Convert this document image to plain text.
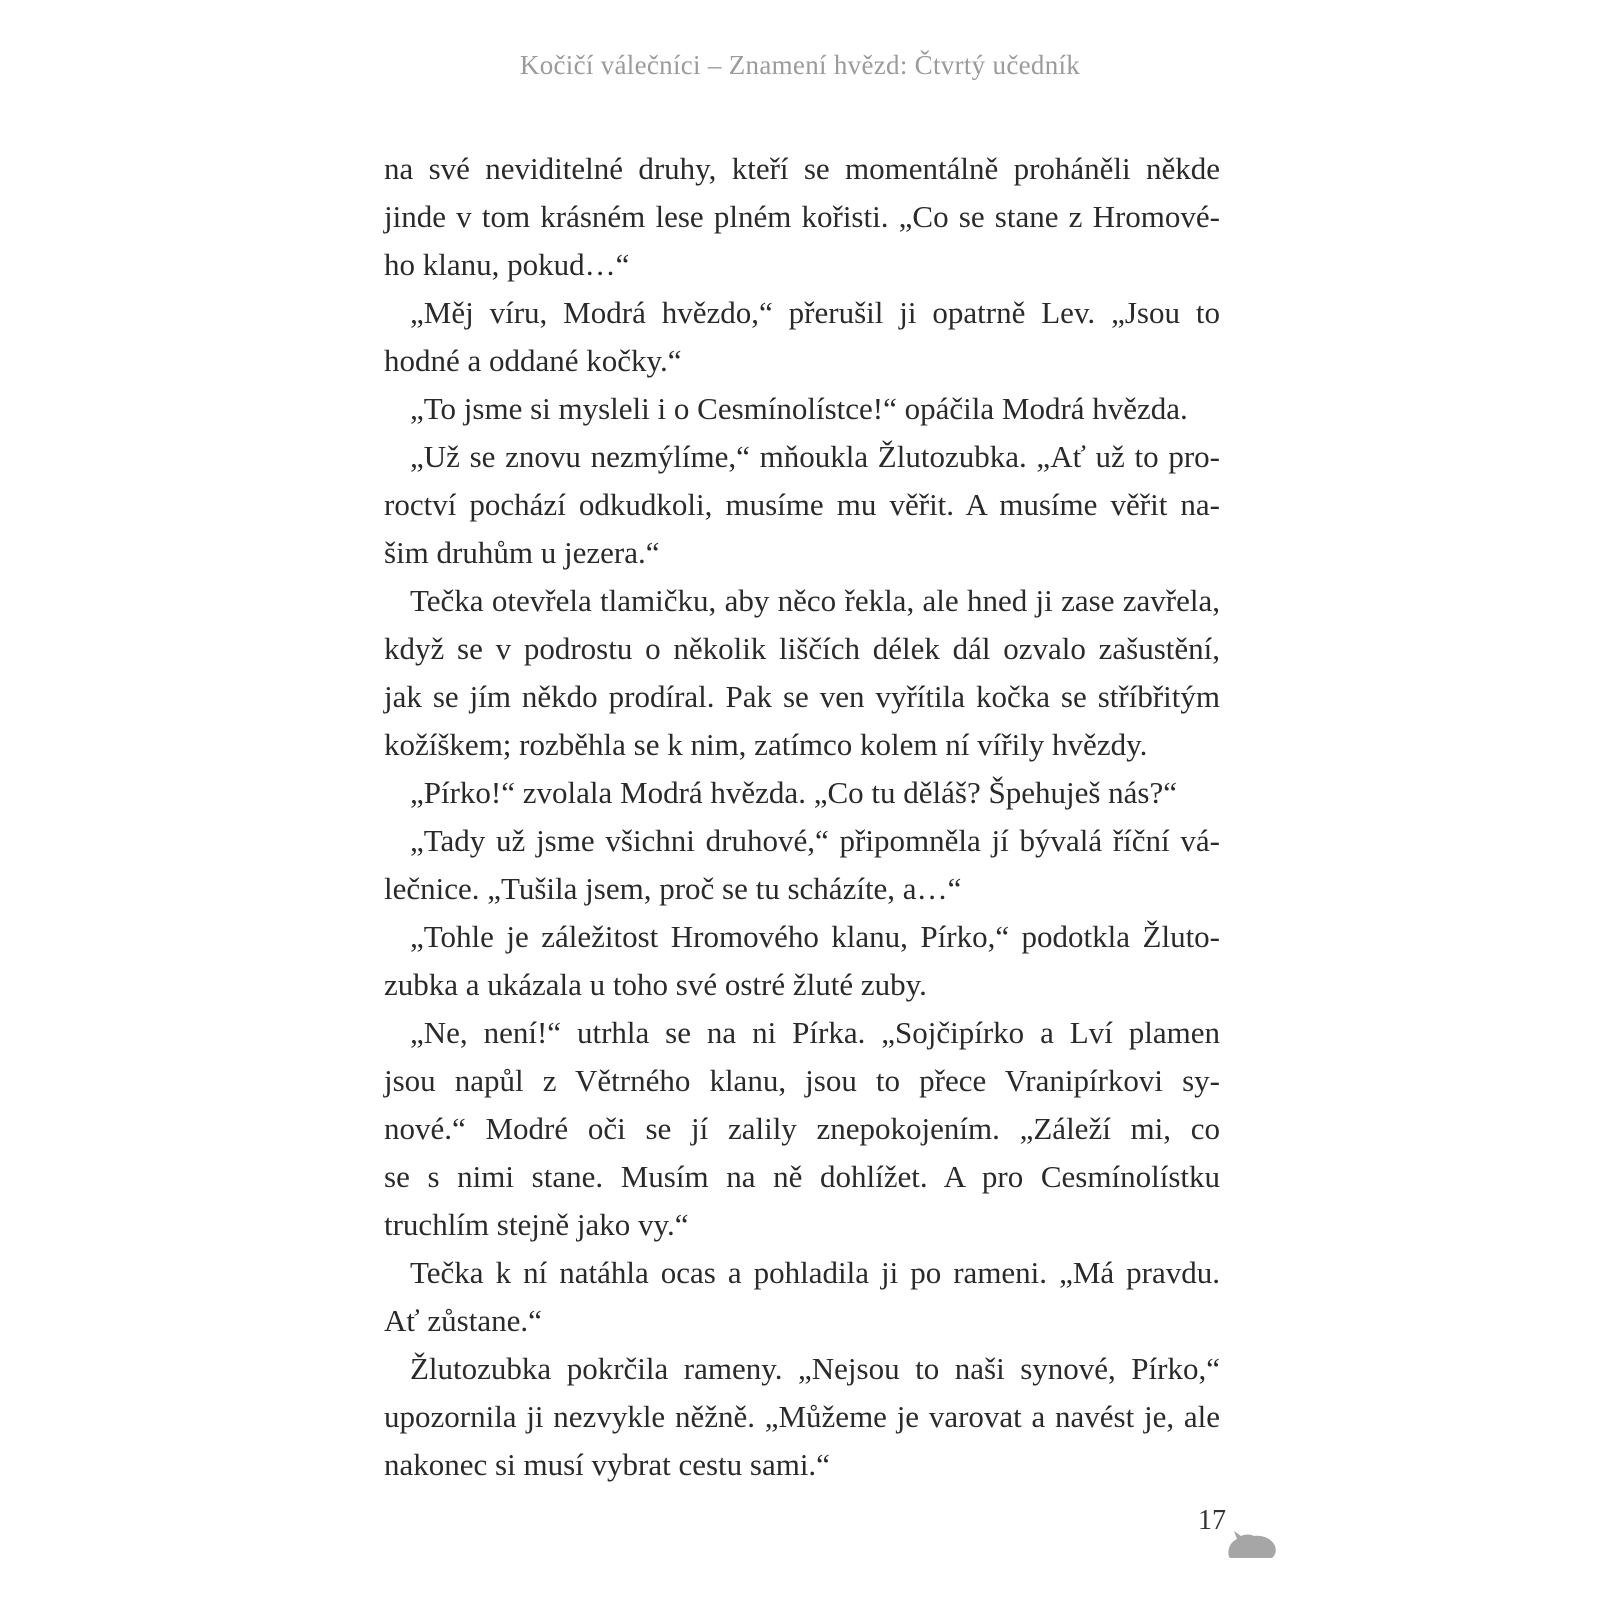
Kočičí válečníci – Znamení hvězd: Čtvrtý učedník
na své neviditelné druhy, kteří se momentálně proháněli někde
jinde v tom krásném lese plném kořisti. „Co se stane z Hromové-
ho klanu, pokud…“
„Měj víru, Modrá hvězdo,“ přerušil ji opatrně Lev. „Jsou to
hodné a oddané kočky.“
„To jsme si mysleli i o Cesmínolístce!“ opáčila Modrá hvězda.
„Už se znovu nezmýlíme,“ mňoukla Žlutozubka. „Ať už to pro-
roctví pochází odkudkoli, musíme mu věřit. A musíme věřit na-
šim druhům u jezera.“
Tečka otevřela tlamičku, aby něco řekla, ale hned ji zase zavřela,
když se v podrostu o několik liščích délek dál ozvalo zašustění,
jak se jím někdo prodíral. Pak se ven vyřítila kočka se stříbřitým
kožíškem; rozběhla se k nim, zatímco kolem ní vířily hvězdy.
„Pírko!“ zvolala Modrá hvězda. „Co tu děláš? Špehuješ nás?“
„Tady už jsme všichni druhové,“ připomněla jí bývalá říční vá-
lečnice. „Tušila jsem, proč se tu scházíte, a…“
„Tohle je záležitost Hromového klanu, Pírko,“ podotkla Žluto-
zubka a ukázala u toho své ostré žluté zuby.
„Ne, není!“ utrhla se na ni Pírka. „Sojčipírko a Lví plamen
jsou napůl z Větrného klanu, jsou to přece Vranipírkovi sy-
nové.“ Modré oči se jí zalily znepokojením. „Záleží mi, co
se s nimi stane. Musím na ně dohlížet. A pro Cesmínolístku
truchlím stejně jako vy.“
Tečka k ní natáhla ocas a pohladila ji po rameni. „Má pravdu.
Ať zůstane.“
Žlutozubka pokrčila rameny. „Nejsou to naši synové, Pírko,“
upozornila ji nezvykle něžně. „Můžeme je varovat a navést je, ale
nakonec si musí vybrat cestu sami.“
17
